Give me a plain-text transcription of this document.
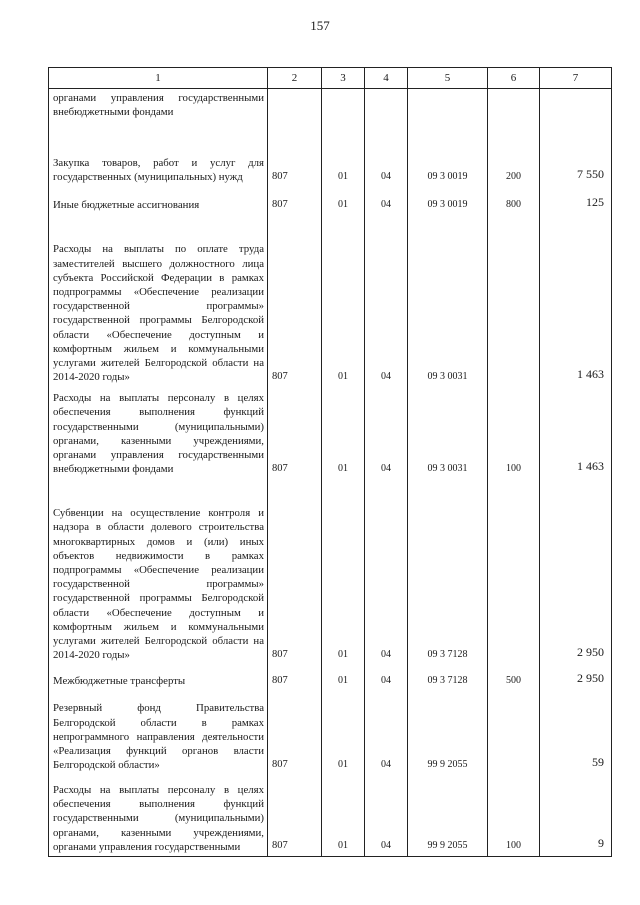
157
1	2	3	4	5	6	7
органами управления государственными внебюджетными фондами						
Закупка товаров, работ и услуг для государственных (муниципальных) нужд	807	01	04	09 3 0019	200	7 550
Иные бюджетные ассигнования	807	01	04	09 3 0019	800	125
Расходы на выплаты по оплате труда заместителей высшего должностного лица субъекта Российской Федерации в рамках подпрограммы «Обеспечение реализации государственной программы» государственной программы Белгородской области «Обеспечение доступным и комфортным жильем и коммунальными услугами жителей Белгородской области на 2014-2020 годы»	807	01	04	09 3 0031		1 463
Расходы на выплаты персоналу в целях обеспечения выполнения функций государственными (муниципальными) органами, казенными учреждениями, органами управления государственными внебюджетными фондами	807	01	04	09 3 0031	100	1 463
Субвенции на осуществление контроля и надзора в области долевого строительства многоквартирных домов и (или) иных объектов недвижимости в рамках подпрограммы «Обеспечение реализации государственной программы» государственной программы Белгородской области «Обеспечение доступным и комфортным жильем и коммунальными услугами жителей Белгородской области на 2014-2020 годы»	807	01	04	09 3 7128		2 950
Межбюджетные трансферты	807	01	04	09 3 7128	500	2 950
Резервный фонд Правительства Белгородской области в рамках непрограммного направления деятельности «Реализация функций органов власти Белгородской области»	807	01	04	99 9 2055		59
Расходы на выплаты персоналу в целях обеспечения выполнения функций государственными (муниципальными) органами, казенными учреждениями, органами управления государственными	807	01	04	99 9 2055	100	9
